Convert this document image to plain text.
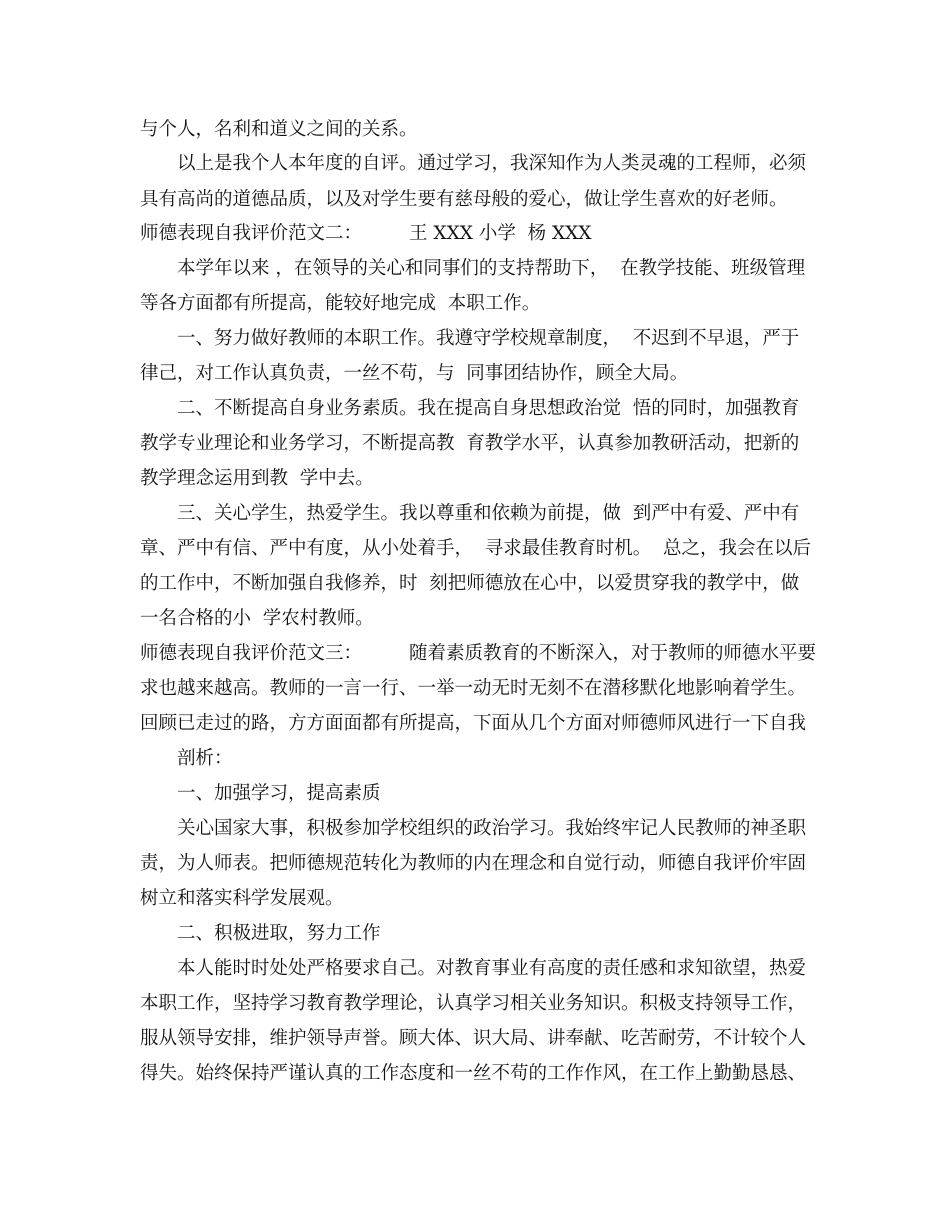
与个人，名利和道义之间的关系。
以上是我个人本年度的自评。通过学习，我深知作为人类灵魂的工程师，必须
具有高尚的道德品质，以及对学生要有慈母般的爱心，做让学生喜欢的好老师。
师德表现自我评价范文二：        王 XXX 小学  杨 XXX
本学年以来 ，在领导的关心和同事们的支持帮助下，  在教学技能、班级管理
等各方面都有所提高，能较好地完成  本职工作。
一、努力做好教师的本职工作。我遵守学校规章制度，  不迟到不早退，严于
律己，对工作认真负责，一丝不苟，与  同事团结协作，顾全大局。
二、不断提高自身业务素质。我在提高自身思想政治觉  悟的同时，加强教育
教学专业理论和业务学习，不断提高教  育教学水平，认真参加教研活动，把新的
教学理念运用到教  学中去。
三、关心学生，热爱学生。我以尊重和依赖为前提，做  到严中有爱、严中有
章、严中有信、严中有度，从小处着手，  寻求最佳教育时机。  总之，我会在以后
的工作中，不断加强自我修养，时  刻把师德放在心中，以爱贯穿我的教学中，做
一名合格的小  学农村教师。
师德表现自我评价范文三：        随着素质教育的不断深入，对于教师的师德水平要
求也越来越高。教师的一言一行、一举一动无时无刻不在潜移默化地影响着学生。
回顾已走过的路，方方面面都有所提高，下面从几个方面对师德师风进行一下自我
剖析：
一、加强学习，提高素质
关心国家大事，积极参加学校组织的政治学习。我始终牢记人民教师的神圣职
责，为人师表。把师德规范转化为教师的内在理念和自觉行动，师德自我评价牢固
树立和落实科学发展观。
二、积极进取，努力工作
本人能时时处处严格要求自己。对教育事业有高度的责任感和求知欲望，热爱
本职工作，坚持学习教育教学理论，认真学习相关业务知识。积极支持领导工作，
服从领导安排，维护领导声誉。顾大体、识大局、讲奉献、吃苦耐劳，不计较个人
得失。始终保持严谨认真的工作态度和一丝不苟的工作作风，在工作上勤勤恳恳、
